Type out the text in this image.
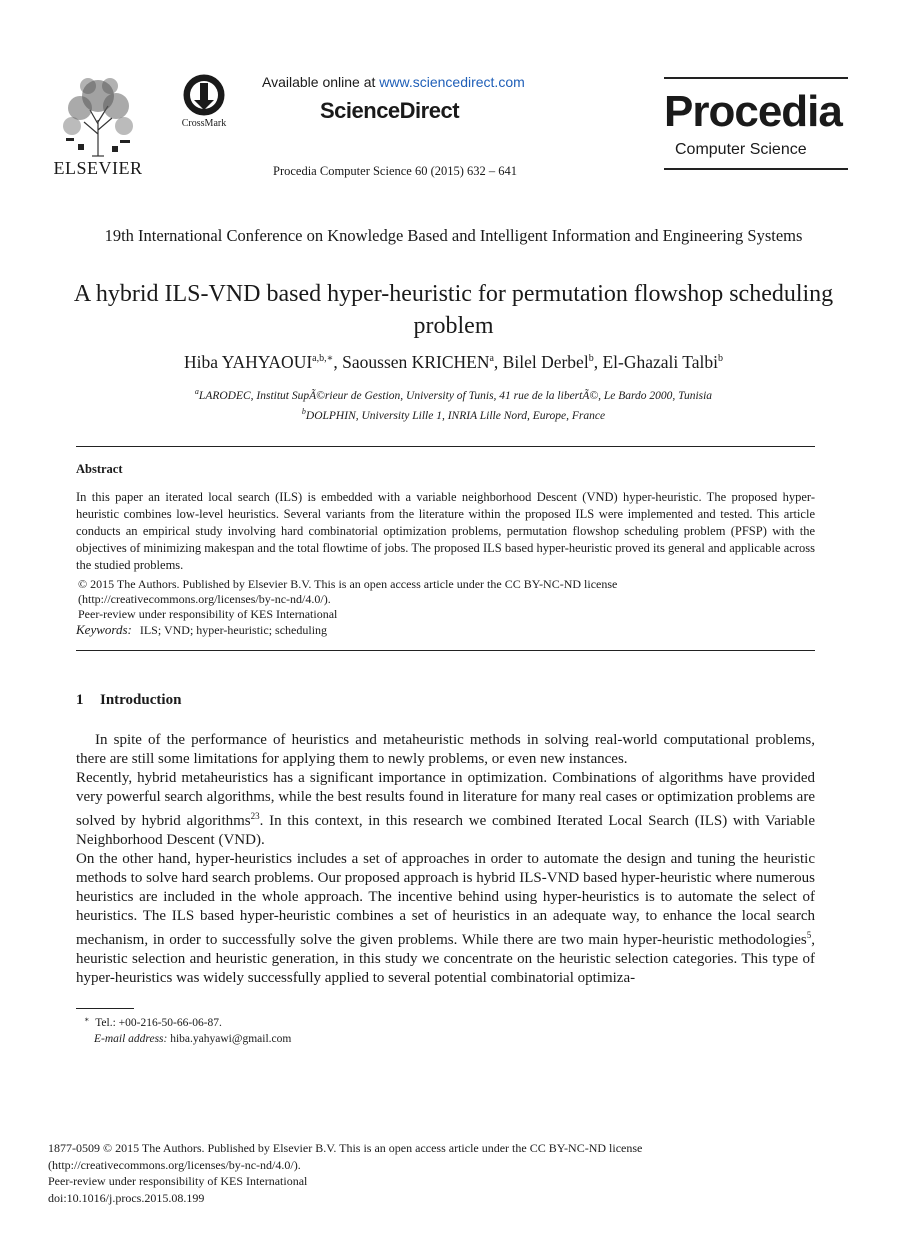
ELSEVIER
CrossMark
Available online at www.sciencedirect.com
ScienceDirect
Procedia Computer Science 60 (2015) 632 – 641
Procedia
Computer Science
19th International Conference on Knowledge Based and Intelligent Information and Engineering Systems
A hybrid ILS-VND based hyper-heuristic for permutation flowshop scheduling problem
Hiba $YAHYAOUI^{a,b,∗}$, Saoussen KRICHEN$^a$, Bilel Derbel$^b$, El-Ghazali Talbi$^b$
$^a$LARODEC, Institut SupÃ©rieur de Gestion, University of Tunis, 41 rue de la libertÃ©, Le Bardo 2000, Tunisia
$^b$DOLPHIN, University Lille 1, INRIA Lille Nord, Europe, France
Abstract
In this paper an iterated local search (ILS) is embedded with a variable neighborhood Descent (VND) hyper-heuristic. The proposed hyper-heuristic combines low-level heuristics. Several variants from the literature within the proposed ILS were implemented and tested. This article conducts an empirical study involving hard combinatorial optimization problems, permutation flowshop scheduling problem (PFSP) with the objectives of minimizing makespan and the total flowtime of jobs. The proposed ILS based hyper-heuristic proved its general and applicable across the studied problems.
© 2015 The Authors. Published by Elsevier B.V. This is an open access article under the CC BY-NC-ND license
(http://creativecommons.org/licenses/by-nc-nd/4.0/).
Peer-review under responsibility of KES International
Keywords: ILS; VND; hyper-heuristic; scheduling
1 Introduction

In spite of the performance of heuristics and metaheuristic methods in solving real-world computational problems, there are still some limitations for applying them to newly problems, or even new instances.

Recently, hybrid metaheuristics has a significant importance in optimization. Combinations of algorithms have provided very powerful search algorithms, while the best results found in literature for many real cases or optimization problems are solved by hybrid algorithms$^{23}$. In this context, in this research we combined Iterated Local Search (ILS) with Variable Neighborhood Descent (VND).

On the other hand, hyper-heuristics includes a set of approaches in order to automate the design and tuning the heuristic methods to solve hard search problems. Our proposed approach is hybrid ILS-VND based hyper-heuristic where numerous heuristics are included in the whole approach. The incentive behind using hyper-heuristics is to automate the select of heuristics. The ILS based hyper-heuristic combines a set of heuristics in an adequate way, to enhance the local search mechanism, in order to successfully solve the given problems. While there are two main hyper-heuristic methodologies$^5$, heuristic selection and heuristic generation, in this study we concentrate on the heuristic selection categories. This type of hyper-heuristics was widely successfully applied to several potential combinatorial optimiza-

∗ Tel.: +00-216-50-66-06-87.
E-mail address: hiba.yahyawi@gmail.com
1877-0509 © 2015 The Authors. Published by Elsevier B.V. This is an open access article under the CC BY-NC-ND license
(http://creativecommons.org/licenses/by-nc-nd/4.0/).
Peer-review under responsibility of KES International
doi:10.1016/j.procs.2015.08.199
